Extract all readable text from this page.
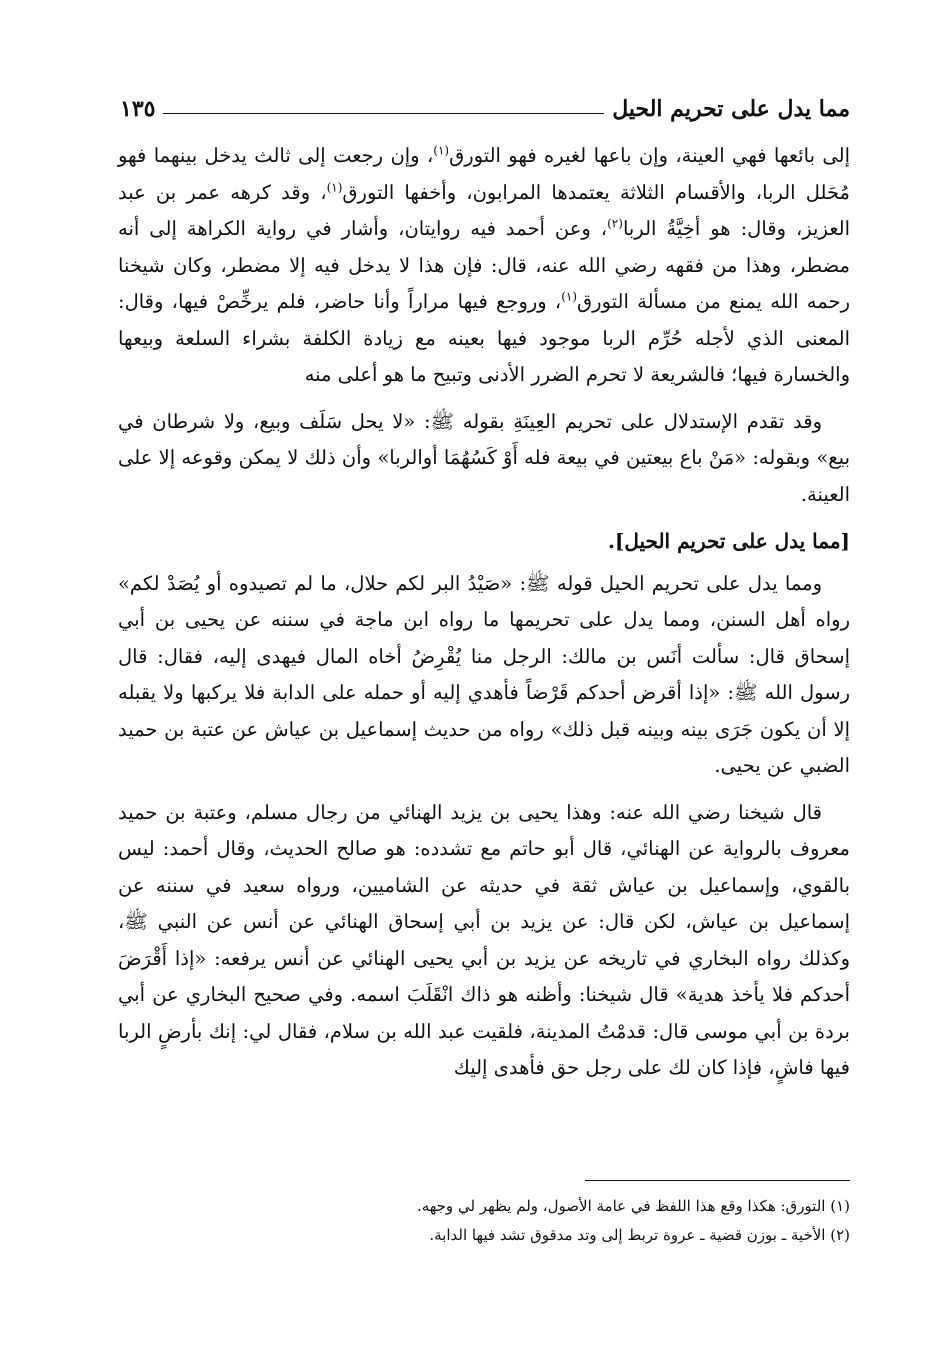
مما يدل على تحريم الحيل
١٣٥

إلى بائعها فهي العينة، وإن باعها لغيره فهو التورق$^{(١)}$، وإن رجعت إلى ثالث يدخل بينهما فهو مُحَلل الربا، والأقسام الثلاثة يعتمدها المرابون، وأخفها التورق$^{(١)}$، وقد كرهه عمر بن عبد العزيز، وقال: هو أخِيَّةُ الربا$^{(٢)}$، وعن أحمد فيه روايتان، وأشار في رواية الكراهة إلى أنه مضطر، وهذا من فقهه رضي الله عنه، قال: فإن هذا لا يدخل فيه إلا مضطر، وكان شيخنا رحمه الله يمنع من مسألة التورق$^{(١)}$، وروجع فيها مراراً وأنا حاضر، فلم يرخِّصْ فيها، وقال: المعنى الذي لأجله حُرِّم الربا موجود فيها بعينه مع زيادة الكلفة بشراء السلعة وبيعها والخسارة فيها؛ فالشريعة لا تحرم الضرر الأدنى وتبيح ما هو أعلى منه

وقد تقدم الإستدلال على تحريم العِينَةِ بقوله ﷺ: «لا يحل سَلَف وبيع، ولا شرطان في بيع» وبقوله: «مَنْ باع بيعتين في بيعة فله أَوْ كَسُهُمَا أوالربا» وأن ذلك لا يمكن وقوعه إلا على العينة.

[مما يدل على تحريم الحيل].

ومما يدل على تحريم الحيل قوله ﷺ: «صَيْدُ البر لكم حلال، ما لم تصيدوه أو يُصَدْ لكم» رواه أهل السنن، ومما يدل على تحريمها ما رواه ابن ماجة في سننه عن يحيى بن أبي إسحاق قال: سألت أنَس بن مالك: الرجل منا يُقْرِضُ أخاه المال فيهدى إليه، فقال: قال رسول الله ﷺ: «إذا أقرض أحدكم قَرْضاً فأهدي إليه أو حمله على الدابة فلا يركبها ولا يقبله إلا أن يكون جَرَى بينه وبينه قبل ذلك» رواه من حديث إسماعيل بن عياش عن عتبة بن حميد الضبي عن يحيى.

قال شيخنا رضي الله عنه: وهذا يحيى بن يزيد الهنائي من رجال مسلم، وعتبة بن حميد معروف بالرواية عن الهنائي، قال أبو حاتم مع تشدده: هو صالح الحديث، وقال أحمد: ليس بالقوي، وإسماعيل بن عياش ثقة في حديثه عن الشاميين، ورواه سعيد في سننه عن إسماعيل بن عياش، لكن قال: عن يزيد بن أبي إسحاق الهنائي عن أنس عن النبي ﷺ، وكذلك رواه البخاري في تاريخه عن يزيد بن أبي يحيى الهنائي عن أنس يرفعه: «إذا أَقْرَضَ أحدكم فلا يأخذ هدية» قال شيخنا: وأظنه هو ذاك انْقَلَبَ اسمه. وفي صحيح البخاري عن أبي بردة بن أبي موسى قال: قدمْتُ المدينة، فلقيت عبد الله بن سلام، فقال لي: إنك بأرضٍ الربا فيها فاشٍ، فإذا كان لك على رجل حق فأهدى إليك

(١) التورق: هكذا وقع هذا اللفظ في عامة الأصول، ولم يظهر لي وجهه.

(٢) الأخية ـ بوزن قضية ـ عروة تربط إلى وتد مدقوق تشد فيها الدابة.
